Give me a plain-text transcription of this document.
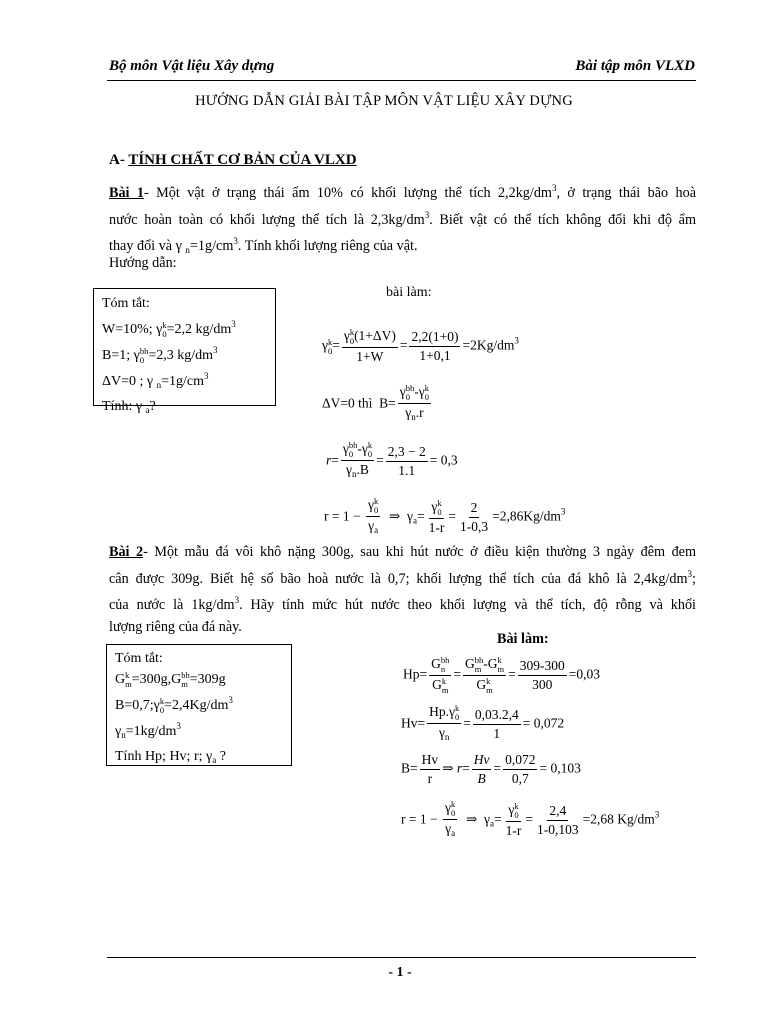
Bộ môn Vật liệu Xây dựng	Bài tập môn VLXD
HƯỚNG DẪN GIẢI BÀI TẬP MÔN VẬT LIỆU XÂY DỰNG
A- TÍNH CHẤT CƠ BẢN CỦA VLXD
Bài 1- Một vật ở trạng thái ẩm 10% có khối lượng thể tích $2,2kg/dm^3$, ở trạng thái bão hoà
nước hoàn toàn có khối lượng thể tích là $2,3kg/dm^3$. Biết vật có thể tích không đổi khi độ ẩm
thay đổi và γ $_n=1g/cm^3$. Tính khối lượng riêng của vật.
Hướng dẫn:
Tóm tắt:
W=10%; γ k
0 =2,2 $kg/dm^3$
B=1; γ bh
0 =2,3 $kg/dm^3$
ΔV=0 ; γ $_n=1g/cm^3$
Tính: γ $_a$?
bài làm:
γ k
0 = γ k
0 (1+ΔV)
$1+W = \frac{2,2(1+0)}{1+0,1} =2Kg/dm^3$
ΔV=0 thì  B= γ bh
0 -γ k
0
$\gamma_n.r$
r= γ bh
0 -γ k
0
$\gamma_n.B = \frac{2,3 - 2}{1.1} = 0,3$
r = 1 − γ k
0
$\gamma_a$ ⇒  $\gamma_a= \gamma$ k
0
$1-r = \frac{2}{1-0,3} =2,86Kg/dm^3$
Bài 2- Một mẫu đá vôi khô nặng 300g, sau khi hút nước ở điều kiện thường 3 ngày đêm đem
cân được 309g. Biết hệ số bão hoà nước là 0,7; khối lượng thể tích của đá khô là $2,4kg/dm^3$;
của nước là $1kg/dm^3$. Hãy tính mức hút nước theo khối lượng và thể tích, độ rỗng và khối
lượng riêng của đá này.
Bài làm:
Tóm tắt:
G k
m =300g,G bh
m =309g
B=0,7;γ k
$0 =2,4Kg/dm^3$
$\gamma_n=1kg/dm^3$
Tính Hp; Hv; r; $\gamma_a$ ?
Hp= G bh
n
G k
m = G bh
m -G k
m
G k
$m = \frac{309-300}{300} =0,03$
Hv= Hp.γ k
0
$\gamma_n = \frac{0,03.2,4}{1} = 0,072$
$B= \frac{Hv}{r}$ ⇒ $r= \frac{Hv}{B} = \frac{0,072}{0,7} = 0,103$
r = 1 − γ k
0
$\gamma_a$ ⇒  $\gamma_a= \gamma$ k
0
$1-r = \frac{2,4}{1-0,103} =2,68$ $Kg/dm^3$
- 1 -
